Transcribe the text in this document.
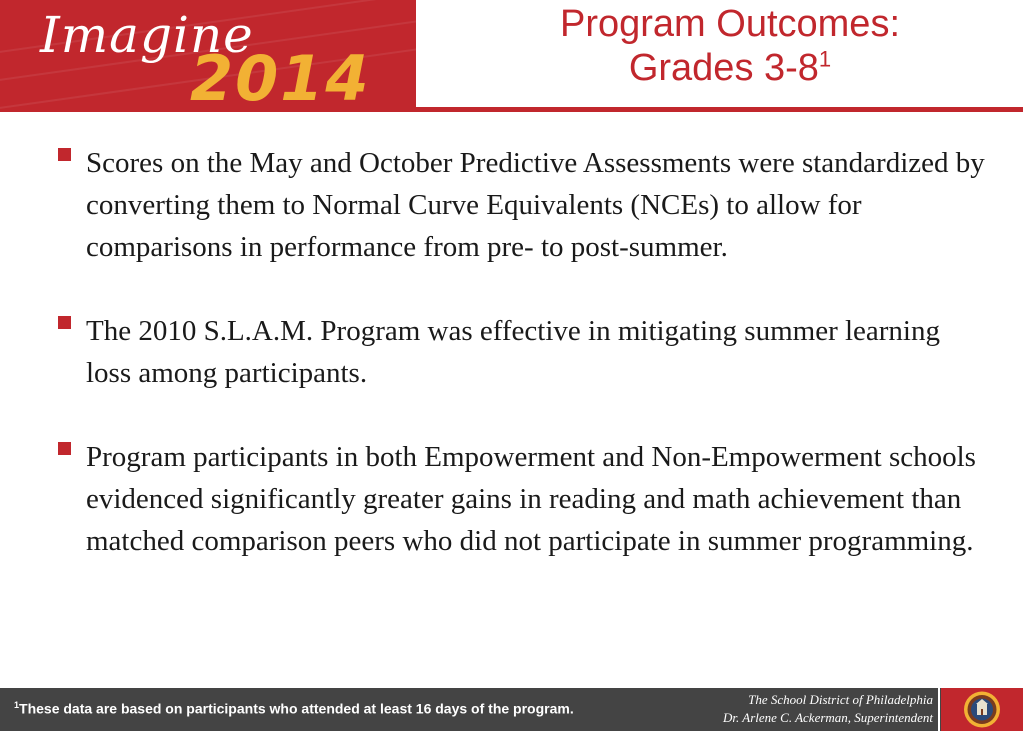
Imagine
2014
Program Outcomes:
Grades $3-8^1$
Scores on the May and October Predictive Assessments were standardized by converting them to Normal Curve Equivalents (NCEs) to allow for comparisons in performance from pre- to post-summer.
The 2010 S.L.A.M. Program was effective in mitigating summer learning loss among participants.
Program participants in both Empowerment and Non-Empowerment schools evidenced significantly greater gains in reading and math achievement than matched comparison peers who did not participate in summer programming.
$^1$These data are based on participants who attended at least 16 days of the program.
The School District of Philadelphia
Dr. Arlene C. Ackerman, Superintendent
